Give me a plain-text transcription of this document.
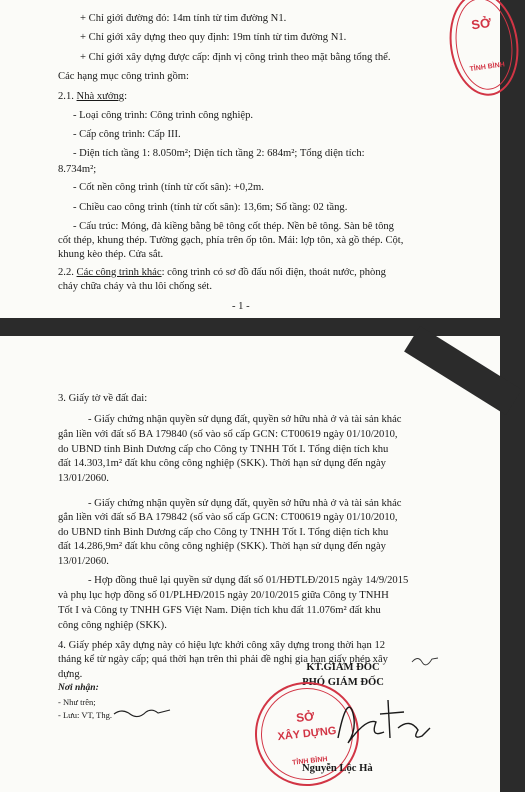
+ Chỉ giới đường đỏ: 14m tính từ tim đường N1.
+ Chỉ giới xây dựng theo quy định: 19m tính từ tim đường N1.
+ Chỉ giới xây dựng được cấp: định vị công trình theo mặt bằng tổng thể.
Các hạng mục công trình gồm:
2.1. Nhà xưởng:
- Loại công trình: Công trình công nghiệp.
- Cấp công trình: Cấp III.
- Diện tích tầng 1: 8.050m²; Diện tích tầng 2: 684m²; Tổng diện tích:
8.734m²;
- Cốt nền công trình (tính từ cốt sân): +0,2m.
- Chiều cao công trình (tính từ cốt sân): 13,6m; Số tầng: 02 tầng.
- Cấu trúc: Móng, đà kiềng bằng bê tông cốt thép. Nền bê tông. Sàn bê tông
cốt thép, khung thép. Tường gạch, phía trên ốp tôn. Mái: lợp tôn, xà gồ thép. Cột,
khung kèo thép. Cửa sắt.
2.2. Các công trình khác: công trình có sơ đồ đấu nối điện, thoát nước, phòng
cháy chữa cháy và thu lôi chống sét.
- 1 -
SỞ
TỈNH BÌNH
3. Giấy tờ về đất đai:
- Giấy chứng nhận quyền sử dụng đất, quyền sở hữu nhà ở và tài sản khác
gắn liền với đất số BA 179840 (số vào sổ cấp GCN: CT00619 ngày 01/10/2010,
do UBND tỉnh Bình Dương cấp cho Công ty TNHH Tốt I. Tổng diện tích khu
đất 14.303,1m² đất khu công công nghiệp (SKK). Thời hạn sử dụng đến ngày
13/01/2060.
- Giấy chứng nhận quyền sử dụng đất, quyền sở hữu nhà ở và tài sản khác
gắn liền với đất số BA 179842 (số vào sổ cấp GCN: CT00619 ngày 01/10/2010,
do UBND tỉnh Bình Dương cấp cho Công ty TNHH Tốt I. Tổng diện tích khu
đất 14.286,9m² đất khu công công nghiệp (SKK). Thời hạn sử dụng đến ngày
13/01/2060.
- Hợp đồng thuê lại quyền sử dụng đất số 01/HĐTLĐ/2015 ngày 14/9/2015
và phụ lục hợp đồng số 01/PLHĐ/2015 ngày 20/10/2015 giữa Công ty TNHH
Tốt I và Công ty TNHH GFS Việt Nam. Diện tích khu đất 11.076m² đất khu
công công nghiệp (SKK).
4. Giấy phép xây dựng này có hiệu lực khởi công xây dựng trong thời hạn 12
tháng kể từ ngày cấp; quá thời hạn trên thì phải đề nghị gia hạn giấy phép xây
dựng.
Nơi nhận:
- Như trên;
- Lưu: VT, Thg.
KT.GIÁM ĐỐC
PHÓ GIÁM ĐỐC
SỞ
XÂY DỰNG
TỈNH BÌNH
Nguyễn Lộc Hà
